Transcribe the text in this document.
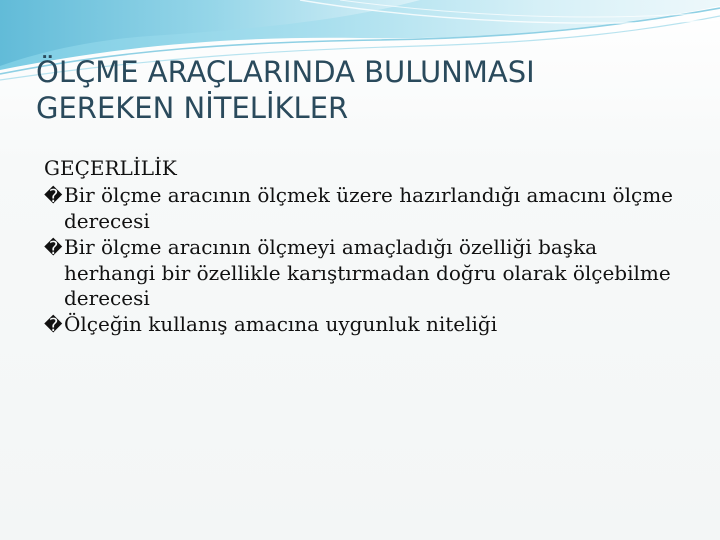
ÖLÇME ARAÇLARINDA BULUNMASI
GEREKEN NİTELİKLER
GEÇERLİLİK
�Bir ölçme aracının ölçmek üzere hazırlandığı amacını ölçme derecesi
�Bir ölçme aracının ölçmeyi amaçladığı özelliği başka herhangi bir özellikle karıştırmadan doğru olarak ölçebilme derecesi
�Ölçeğin kullanış amacına uygunluk niteliği
